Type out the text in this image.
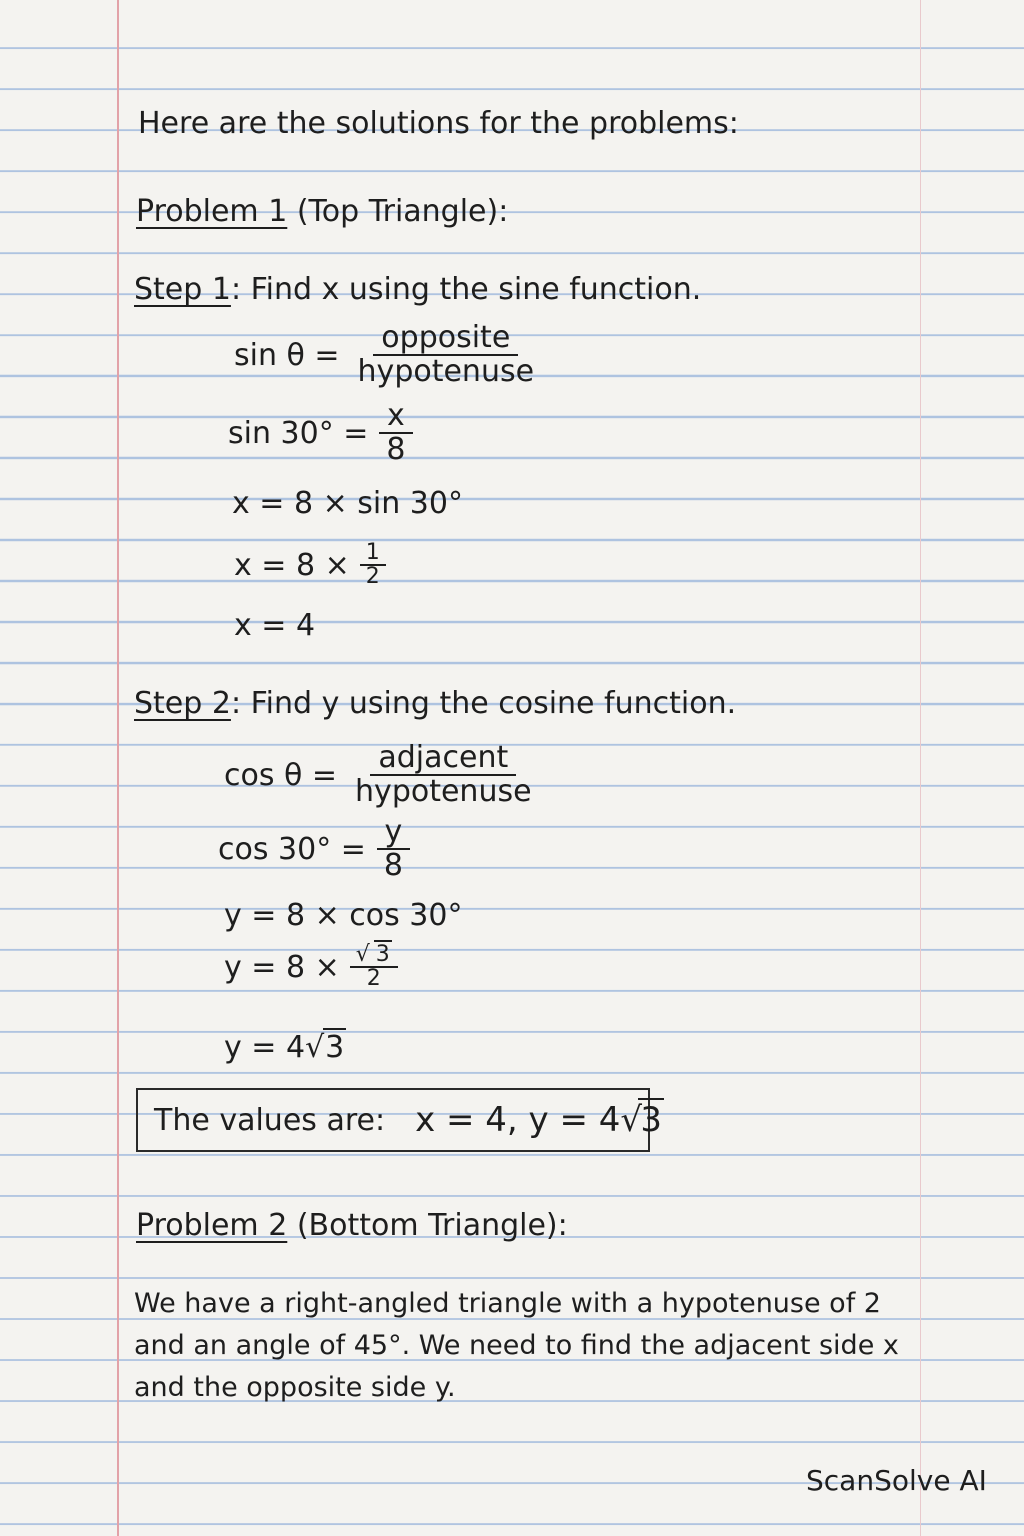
Here are the solutions for the problems:
Problem 1 (Top Triangle):
Step 1: Find x using the sine function.
$\sin \theta = \frac{\text{opposite}}{\text{hypotenuse}}$
$\sin 30^\circ = \frac{x}{8}$
x = 8 × sin 30°
$x = 8 \times \frac{1}{2}$
x = 4
Step 2: Find y using the cosine function.
$\cos \theta = \frac{\text{adjacent}}{\text{hypotenuse}}$
$\cos 30^\circ = \frac{y}{8}$
y = 8 × cos 30°
y = 8 × √ $\frac{3}{2}$
y = 4 √ 3
The values are: x = 4, y = 4 √ 3
Problem 2 (Bottom Triangle):
We have a right-angled triangle with a hypotenuse of 2
and an angle of 45°. We need to find the adjacent side x
and the opposite side y.
ScanSolve AI
